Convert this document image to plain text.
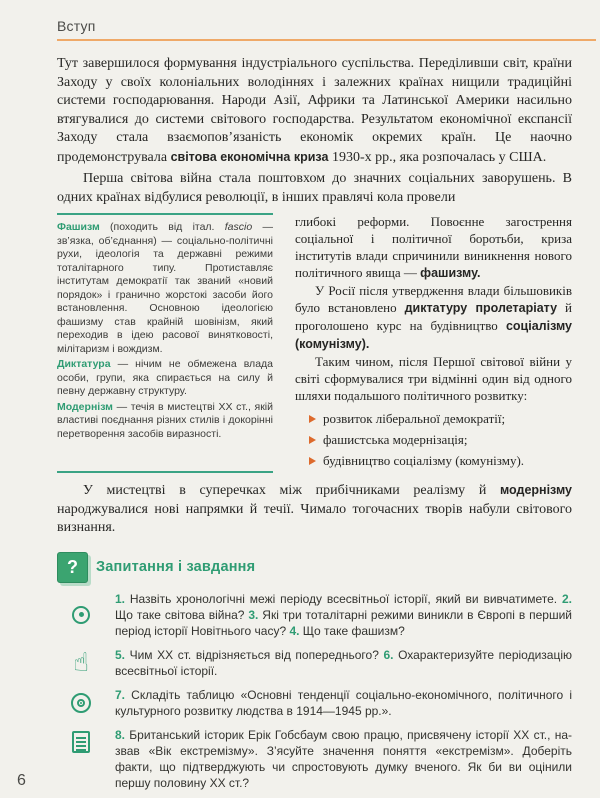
Вступ

Тут завершилося формування індустріального суспільства. Переділивши світ, країни Заходу у своїх колоніальних володіннях і залежних країнах нищили традиційні системи господарювання. Народи Азії, Африки та Латинської Америки насильно втягувалися до системи світового господарства. Результатом економічної експансії Заходу стала взаємопов’язаність економік окремих країн. Це наочно продемонструвала світова економічна криза 1930-х рр., яка розпочалась у США.

Перша світова війна стала поштовхом до значних соціальних заворушень. В одних країнах відбулися революції, в інших правлячі кола провели

Фашизм (походить від італ. fascio — зв’язка, об’єднання) — соціально-політичні рухи, ідеологія та державні режими тоталітарного типу. Протиставляє інститутам демократії так званий «новий порядок» і гранично жорстокі засоби його встановлення. Основною ідеологією фашизму став крайній шовінізм, який переходив в ідею расової винятковості, мілітаризм і вождизм.

Диктатура — нічим не обмежена влада особи, групи, яка спирається на силу й певну державну структуру.

Модернізм — течія в мистецтві XX ст., якій властиві поєднання різних стилів і докорінні перетворення засобів виразності.

глибокі реформи. Повоєнне загострення соціальної і політичної боротьби, криза інститутів влади спричинили виникнення нового політичного явища — фашизму.

У Росії після утвердження влади більшовиків було встановлено диктатуру пролетаріату й проголошено курс на будівництво соціалізму (комунізму).

Таким чином, після Першої світової війни у світі сформувалися три відмінні один від одного шляхи подальшого політичного розвитку:

розвиток ліберальної демократії;
фашистська модернізація;
будівництво соціалізму (комунізму).

У мистецтві в суперечках між прибічниками реалізму й модернізму народжувалися нові напрямки й течії. Чимало тогочасних творів набули світового визнання.

? Запитання і завдання

1. Назвіть хронологічні межі періоду всесвітньої історії, який ви вивчатимете. 2. Що таке світова війна? 3. Які три тоталітарні режими виникли в Європі в перший період історії Новітнього часу? 4. Що таке фашизм?

☝	5. Чим XX ст. відрізняється від попереднього? 6. Охарактеризуйте періодизацію всесвітньої історії.

7. Складіть таблицю «Основні тенденції соціально-економічного, політичного і культурного розвитку людства в 1914—1945 рр.».

8. Британський історик Ерік Гобсбаум свою працю, присвячену історії XX ст., назвав «Вік екстремізму». З’ясуйте значення поняття «екстремізм». Доберіть факти, що підтверджують чи спростовують думку вченого. Як би ви оцінили першу половину XX ст.?

6
